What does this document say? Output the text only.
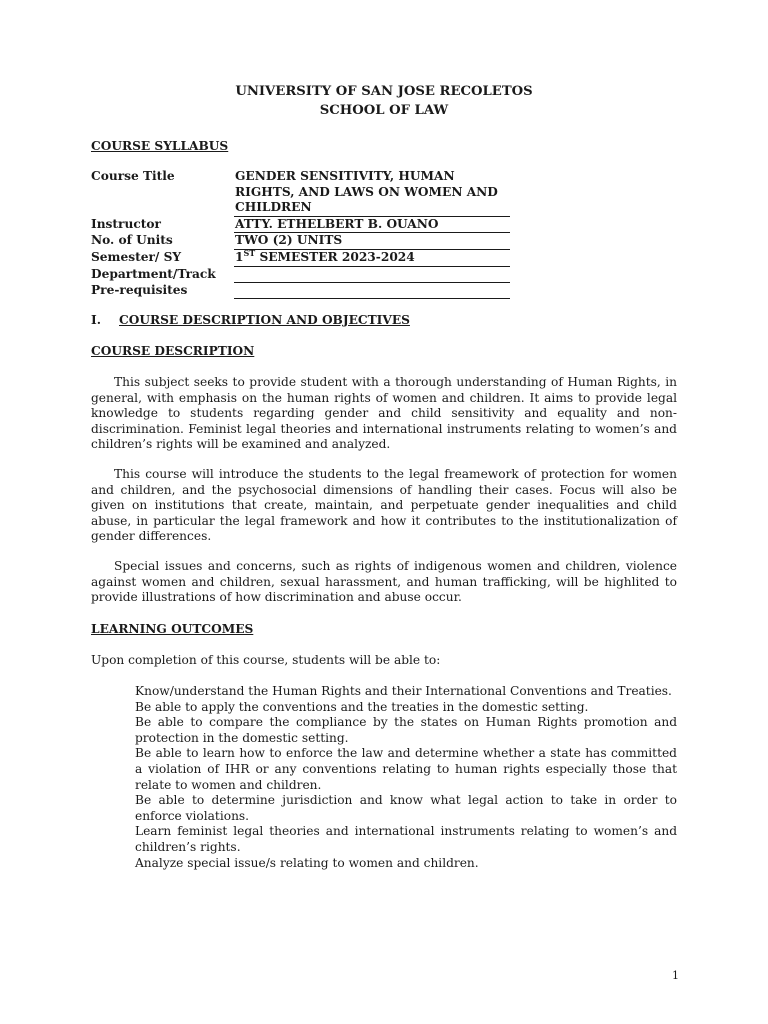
UNIVERSITY OF SAN JOSE RECOLETOS
SCHOOL OF LAW
COURSE SYLLABUS
Course Title	GENDER SENSITIVITY, HUMAN RIGHTS, AND LAWS ON WOMEN AND CHILDREN
Instructor	ATTY. ETHELBERT B. OUANO
No. of Units	TWO (2) UNITS
Semester/ SY	1ST SEMESTER 2023-2024
Department/Track
Pre-requisites
I. COURSE DESCRIPTION AND OBJECTIVES
COURSE DESCRIPTION
This subject seeks to provide student with a thorough understanding of Human Rights, in general, with emphasis on the human rights of women and children. It aims to provide legal knowledge to students regarding gender and child sensitivity and equality and non-discrimination. Feminist legal theories and international instruments relating to women’s and children’s rights will be examined and analyzed.
This course will introduce the students to the legal freamework of protection for women and children, and the psychosocial dimensions of handling their cases. Focus will also be given on institutions that create, maintain, and perpetuate gender inequalities and child abuse, in particular the legal framework and how it contributes to the institutionalization of gender differences.
Special issues and concerns, such as rights of indigenous women and children, violence against women and children, sexual harassment, and human trafficking, will be highlited to provide illustrations of how discrimination and abuse occur.
LEARNING OUTCOMES
Upon completion of this course, students will be able to:
Know/understand the Human Rights and their International Conventions and Treaties.
Be able to apply the conventions and the treaties in the domestic setting.
Be able to compare the compliance by the states on Human Rights promotion and protection in the domestic setting.
Be able to learn how to enforce the law and determine whether a state has committed a violation of IHR or any conventions relating to human rights especially those that relate to women and children.
Be able to determine jurisdiction and know what legal action to take in order to enforce violations.
Learn feminist legal theories and international instruments relating to women’s and children’s rights.
Analyze special issue/s relating to women and children.
1
